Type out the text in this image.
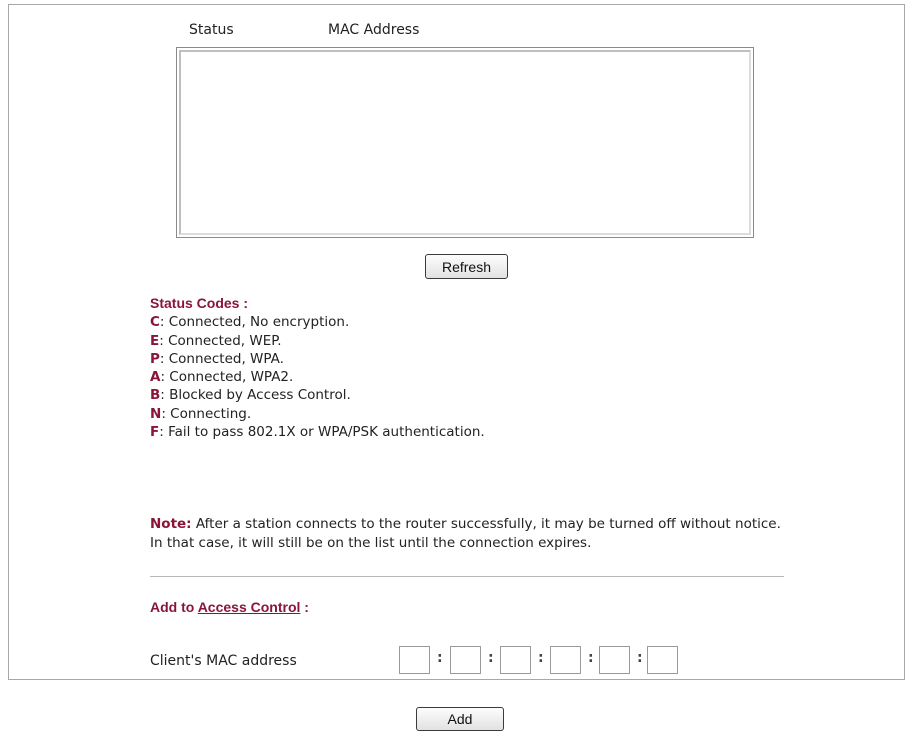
Status	MAC Address
Refresh
Status Codes :
C: Connected, No encryption.
E: Connected, WEP.
P: Connected, WPA.
A: Connected, WPA2.
B: Blocked by Access Control.
N: Connecting.
F: Fail to pass 802.1X or WPA/PSK authentication.
Note: After a station connects to the router successfully, it may be turned off without notice. In that case, it will still be on the list until the connection expires.
Add to Access Control :
Client's MAC address	:	:	:	:	:
Add
